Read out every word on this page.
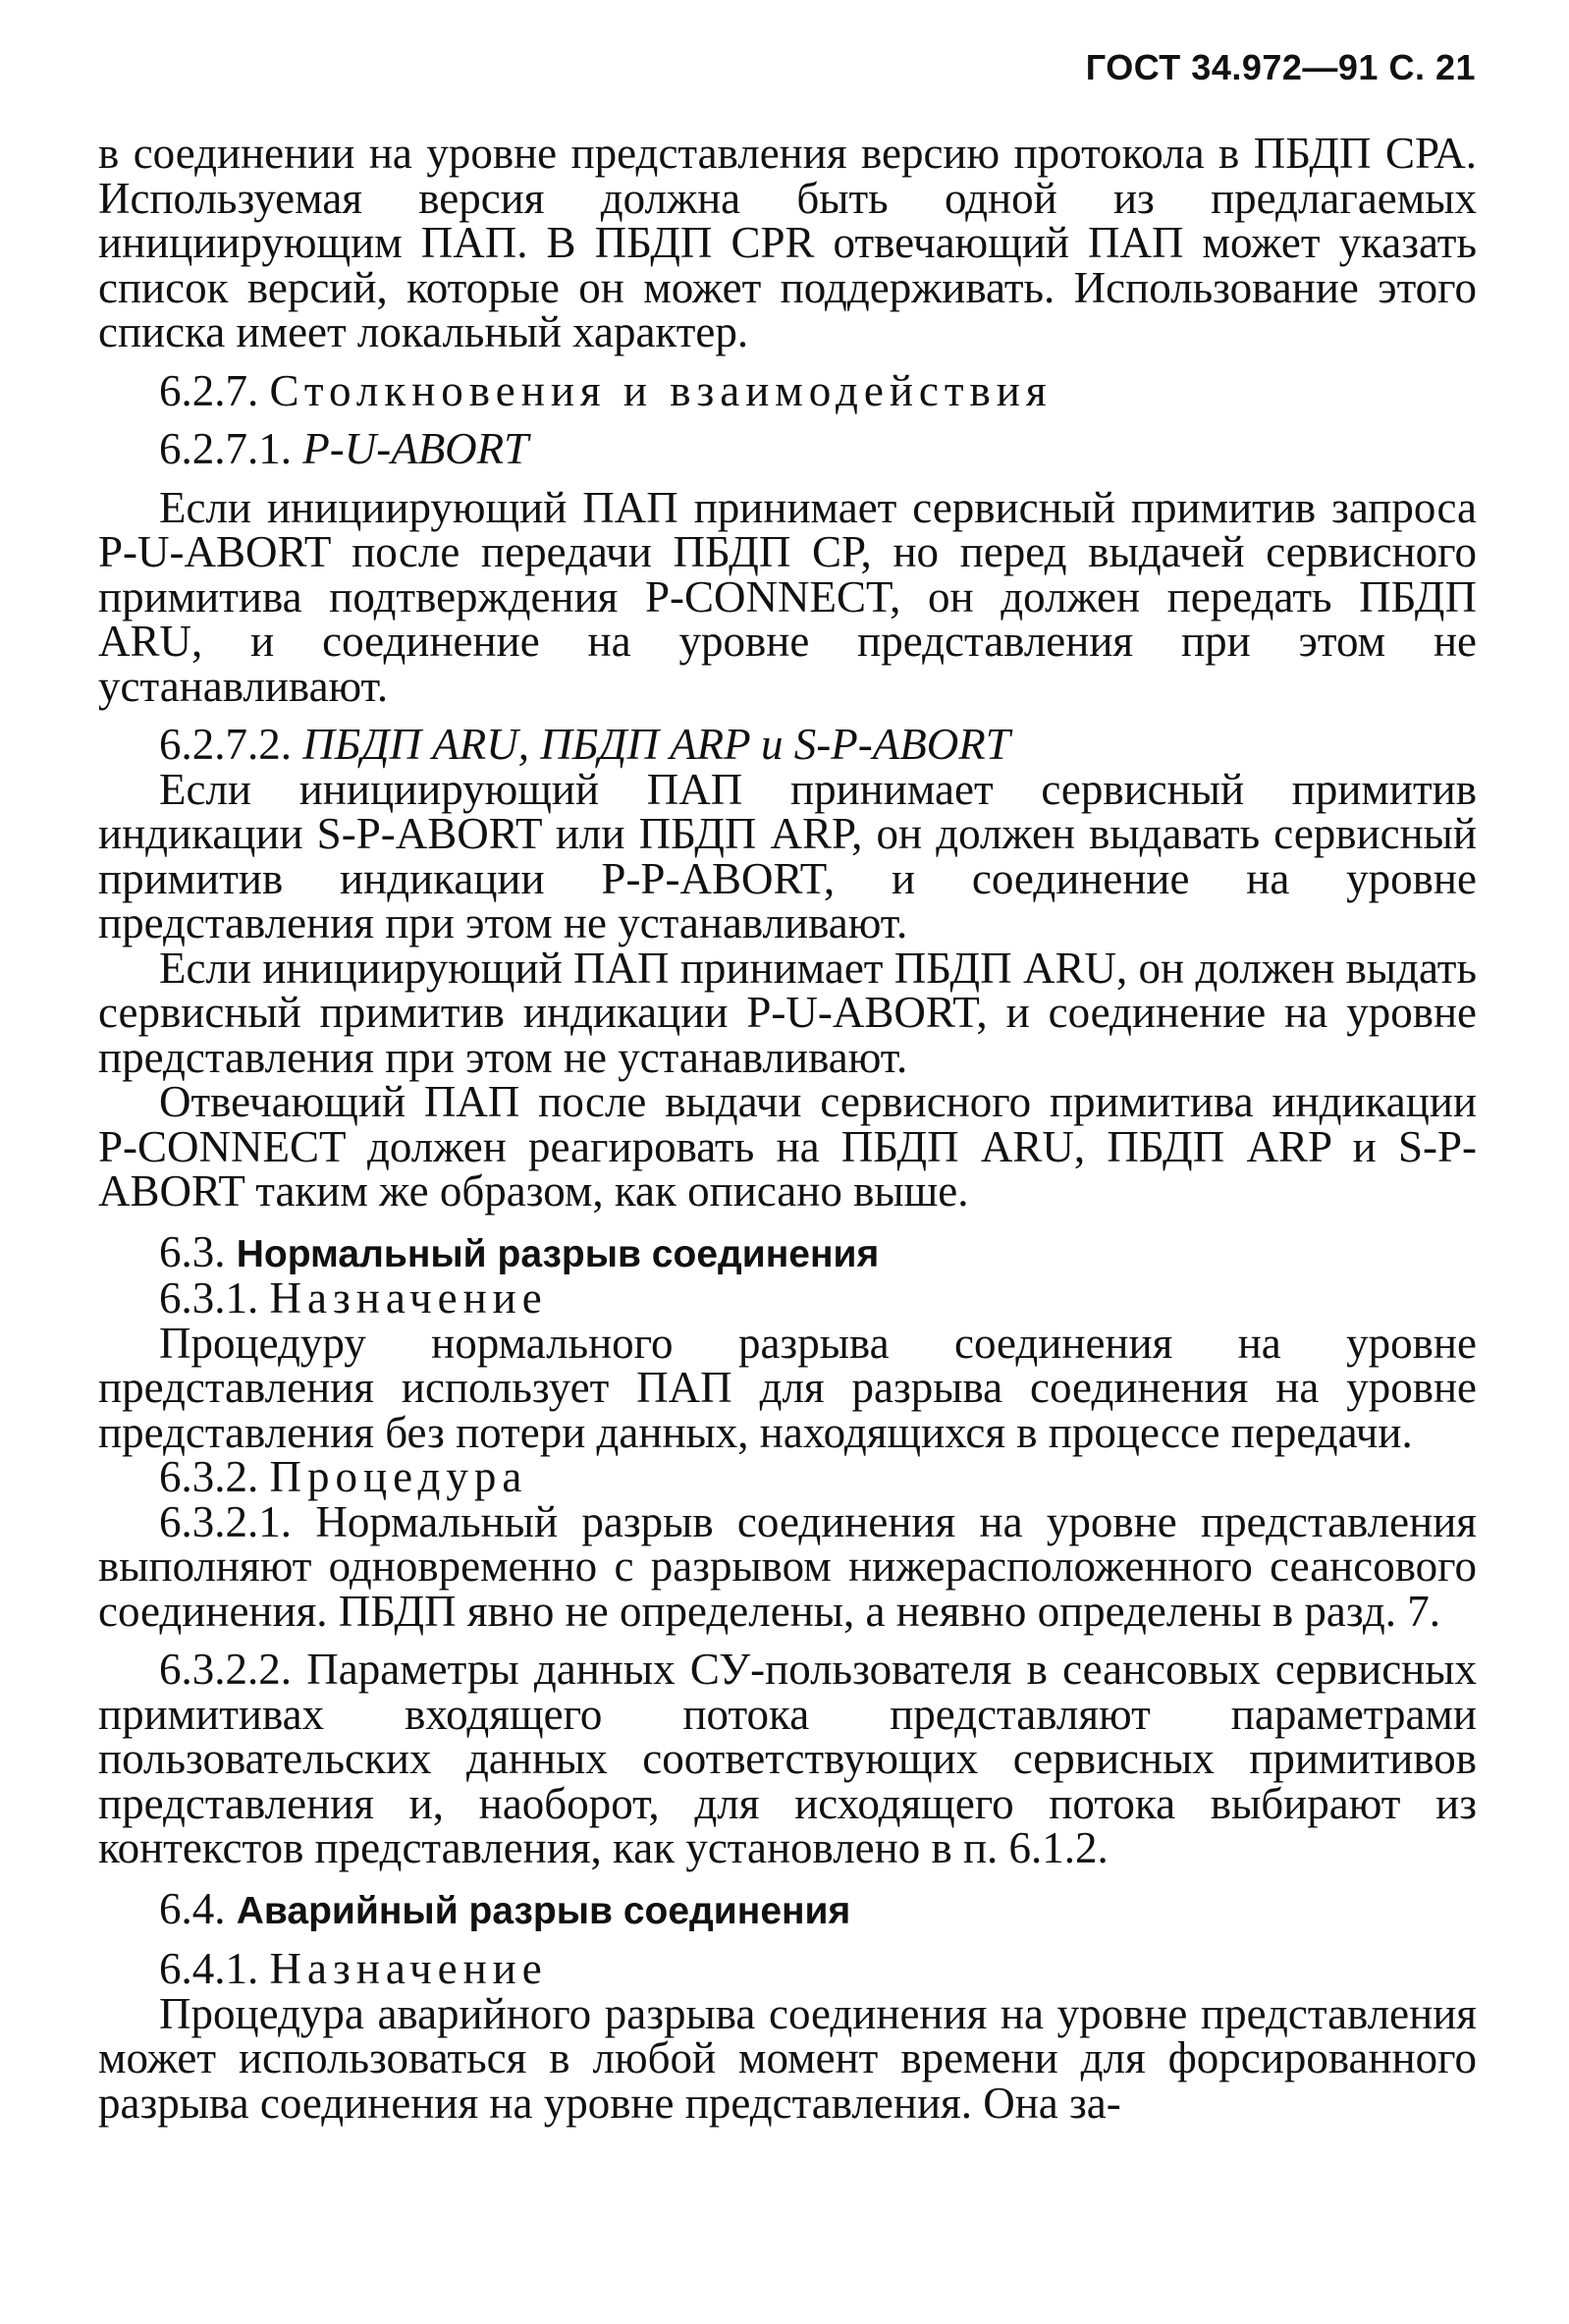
ГОСТ 34.972—91 С. 21

в соединении на уровне представления версию протокола в ПБДП СРА. Используемая версия должна быть одной из предлагаемых инициирующим ПАП. В ПБДП CPR отвечающий ПАП может указать список версий, которые он может поддерживать. Использование этого списка имеет локальный характер.

6.2.7. Столкновения и взаимодействия

6.2.7.1. P-U-ABORT

Если инициирующий ПАП принимает сервисный примитив запроса P-U-ABORT после передачи ПБДП СР, но перед выдачей сервисного примитива подтверждения P-CONNECT, он должен передать ПБДП ARU, и соединение на уровне представления при этом не устанавливают.

6.2.7.2. ПБДП ARU, ПБДП ARP и S-P-ABORT

Если инициирующий ПАП принимает сервисный примитив индикации S-P-ABORT или ПБДП ARP, он должен выдавать сервисный примитив индикации P-P-ABORT, и соединение на уровне представления при этом не устанавливают.

Если инициирующий ПАП принимает ПБДП ARU, он должен выдать сервисный примитив индикации P-U-ABORT, и соединение на уровне представления при этом не устанавливают.

Отвечающий ПАП после выдачи сервисного примитива индикации P-CONNECT должен реагировать на ПБДП ARU, ПБДП ARP и S-P-ABORT таким же образом, как описано выше.

6.3. Нормальный разрыв соединения

6.3.1. Назначение

Процедуру нормального разрыва соединения на уровне представления использует ПАП для разрыва соединения на уровне представления без потери данных, находящихся в процессе передачи.

6.3.2. Процедура

6.3.2.1. Нормальный разрыв соединения на уровне представления выполняют одновременно с разрывом нижерасположенного сеансового соединения. ПБДП явно не определены, а неявно определены в разд. 7.

6.3.2.2. Параметры данных СУ-пользователя в сеансовых сервисных примитивах входящего потока представляют параметрами пользовательских данных соответствующих сервисных примитивов представления и, наоборот, для исходящего потока выбирают из контекстов представления, как установлено в п. 6.1.2.

6.4. Аварийный разрыв соединения

6.4.1. Назначение

Процедура аварийного разрыва соединения на уровне представления может использоваться в любой момент времени для форсированного разрыва соединения на уровне представления. Она за-
